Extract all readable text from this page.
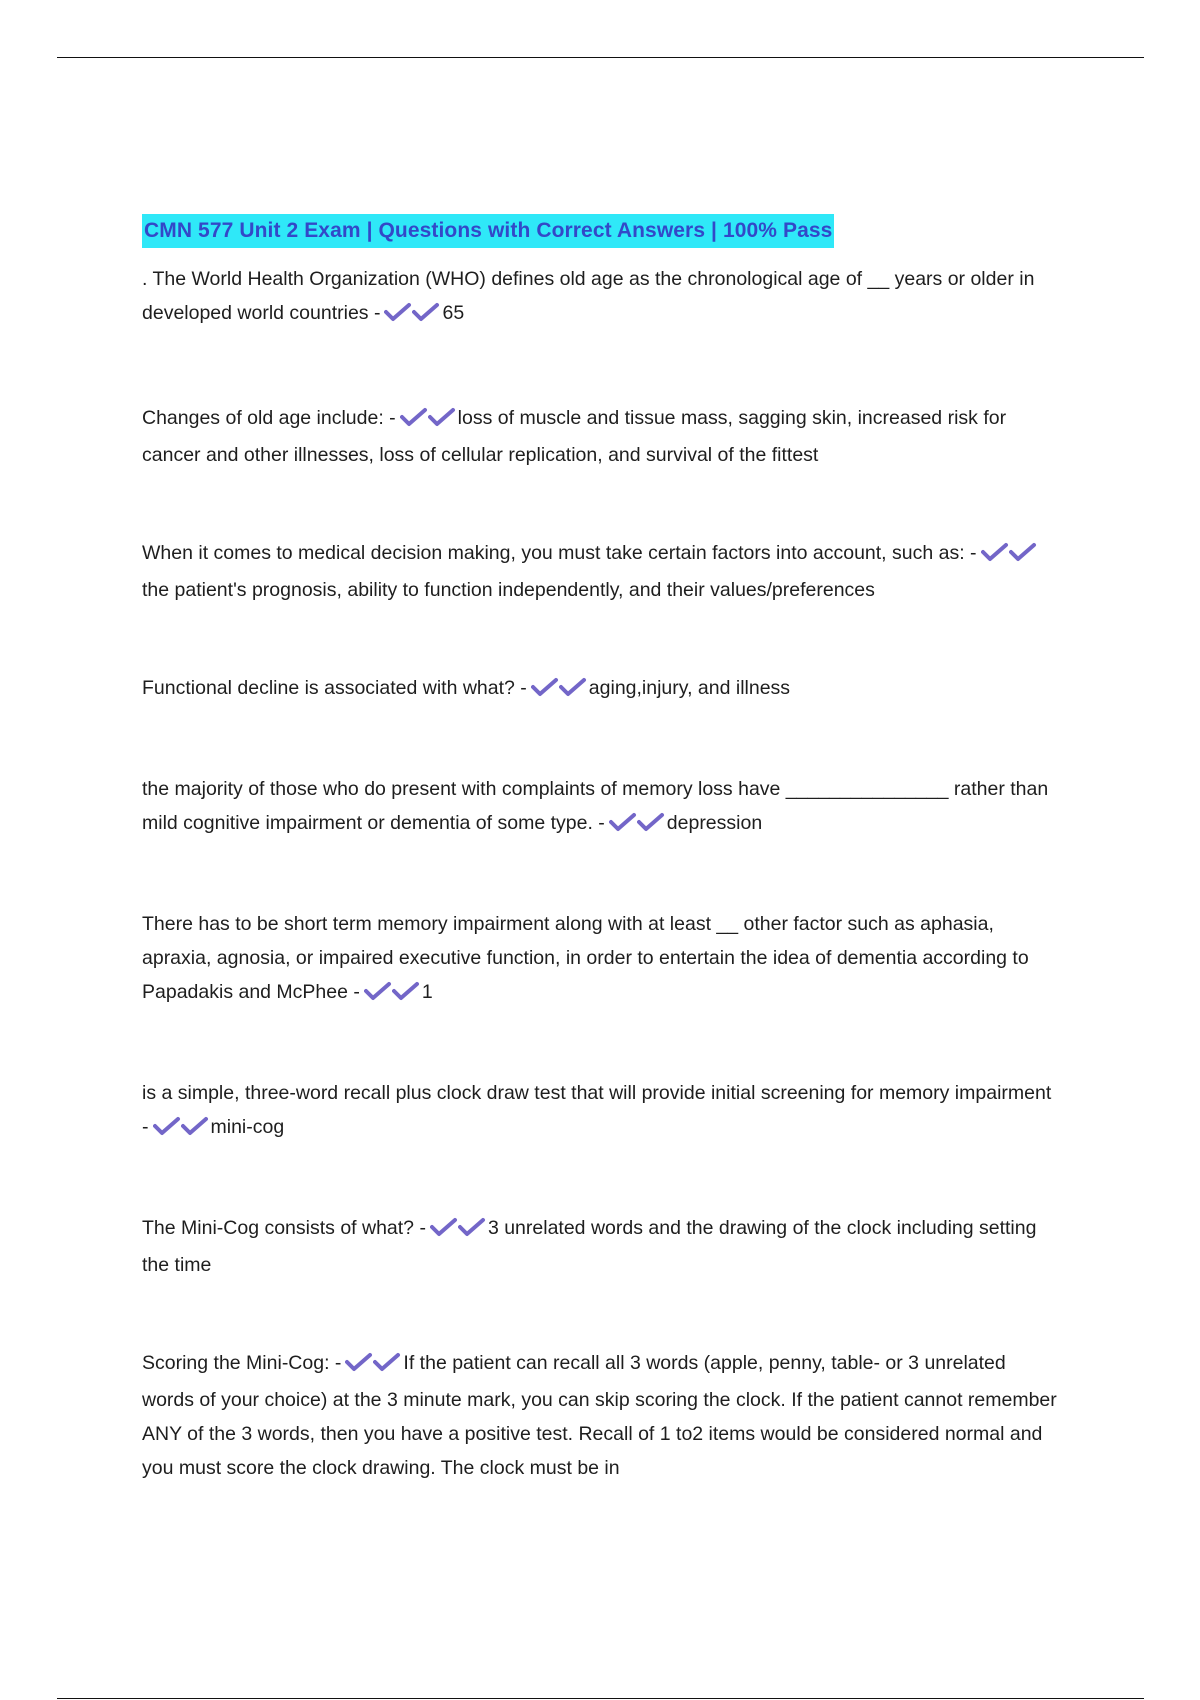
CMN 577 Unit 2 Exam | Questions with Correct Answers | 100% Pass

. The World Health Organization (WHO) defines old age as the chronological age of __ years or older in developed world countries -	65

Changes of old age include: -	loss of muscle and tissue mass, sagging skin, increased risk for cancer and other illnesses, loss of cellular replication, and survival of the fittest

When it comes to medical decision making, you must take certain factors into account, such as: -
the patient's prognosis, ability to function independently, and their values/preferences

Functional decline is associated with what? -	aging,injury, and illness

the majority of those who do present with complaints of memory loss have _______________ rather than mild cognitive impairment or dementia of some type. -	depression

There has to be short term memory impairment along with at least __ other factor such as aphasia, apraxia, agnosia, or impaired executive function, in order to entertain the idea of dementia according to Papadakis and McPhee -	1

is a simple, three-word recall plus clock draw test that will provide initial screening for memory impairment -	mini-cog

The Mini-Cog consists of what? -	3 unrelated words and the drawing of the clock including setting the time

Scoring the Mini-Cog: -	If the patient can recall all 3 words (apple, penny, table- or 3 unrelated words of your choice) at the 3 minute mark, you can skip scoring the clock. If the patient cannot remember ANY of the 3 words, then you have a positive test. Recall of 1 to2 items would be considered normal and you must score the clock drawing. The clock must be in
